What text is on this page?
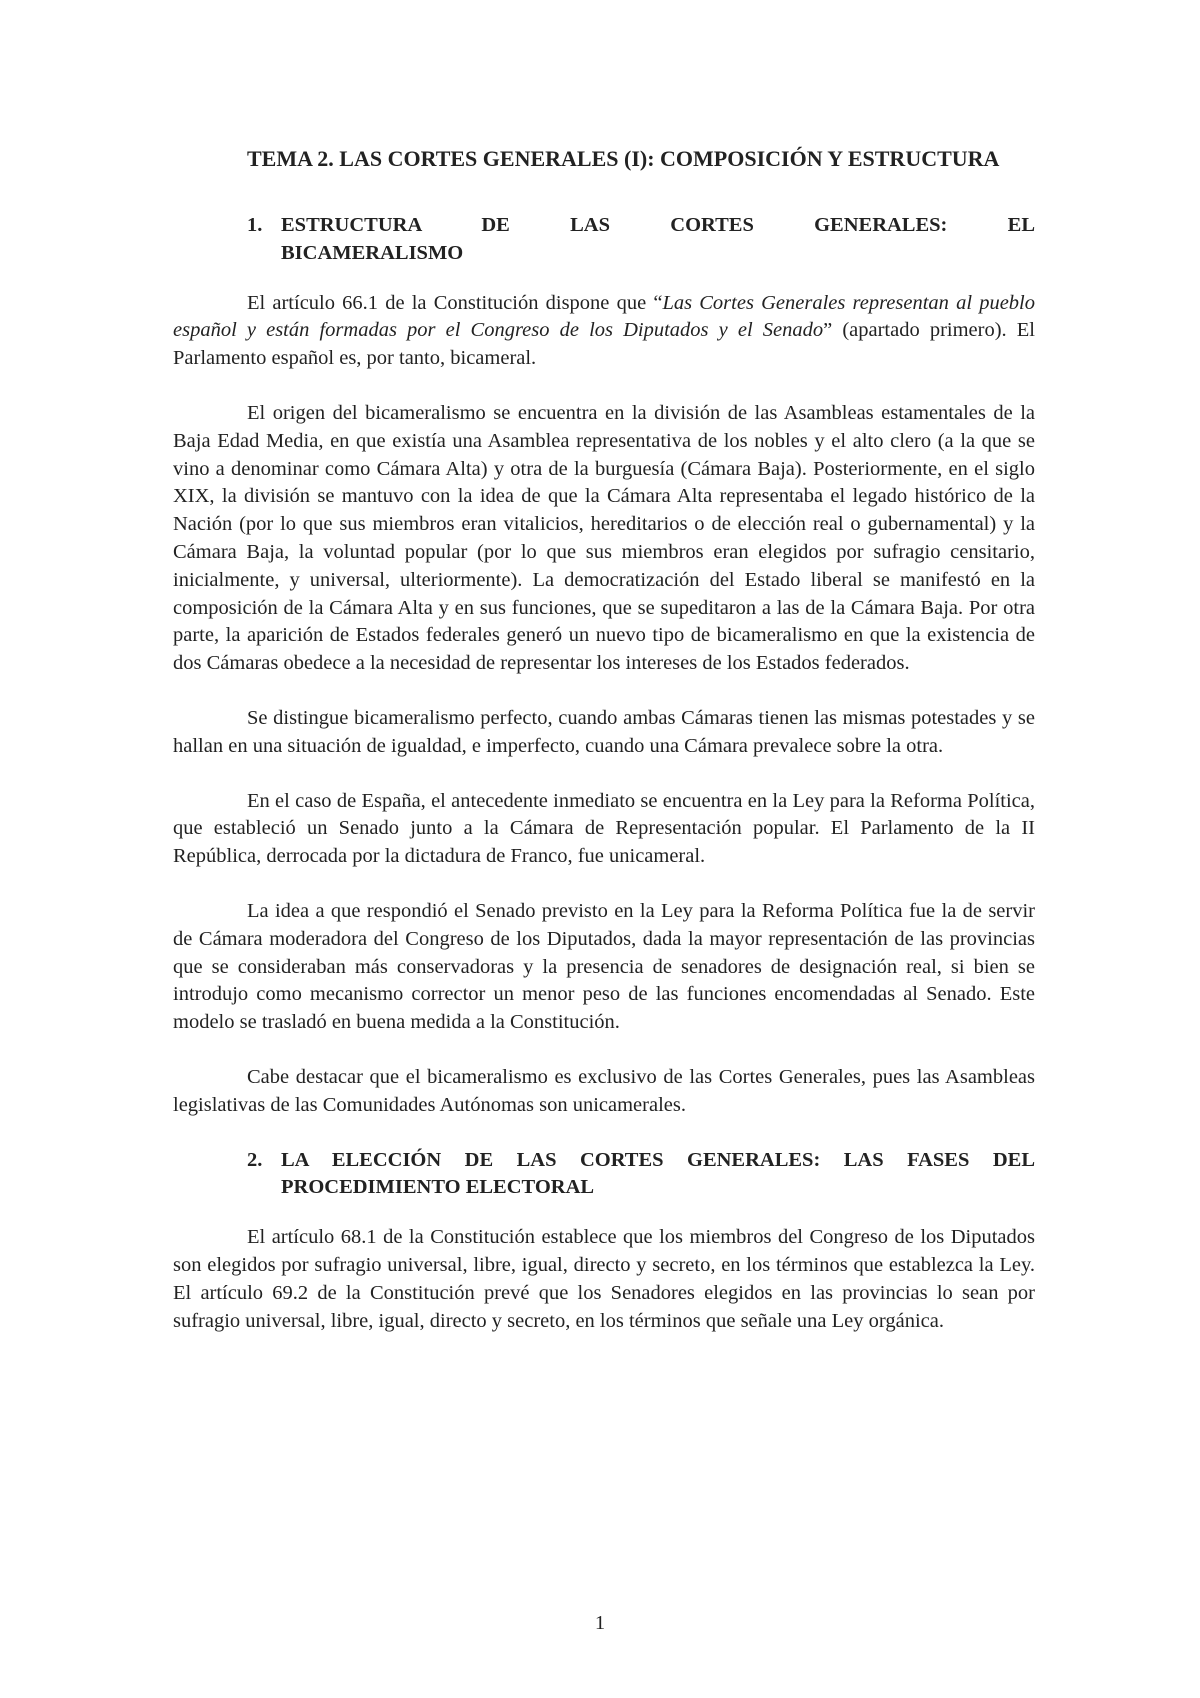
TEMA 2. LAS CORTES GENERALES (I): COMPOSICIÓN Y ESTRUCTURA
1. ESTRUCTURA DE LAS CORTES GENERALES: EL
BICAMERALISMO

El artículo 66.1 de la Constitución dispone que “Las Cortes Generales representan al pueblo español y están formadas por el Congreso de los Diputados y el Senado” (apartado primero). El Parlamento español es, por tanto, bicameral.

El origen del bicameralismo se encuentra en la división de las Asambleas estamentales de la Baja Edad Media, en que existía una Asamblea representativa de los nobles y el alto clero (a la que se vino a denominar como Cámara Alta) y otra de la burguesía (Cámara Baja). Posteriormente, en el siglo XIX, la división se mantuvo con la idea de que la Cámara Alta representaba el legado histórico de la Nación (por lo que sus miembros eran vitalicios, hereditarios o de elección real o gubernamental) y la Cámara Baja, la voluntad popular (por lo que sus miembros eran elegidos por sufragio censitario, inicialmente, y universal, ulteriormente). La democratización del Estado liberal se manifestó en la composición de la Cámara Alta y en sus funciones, que se supeditaron a las de la Cámara Baja. Por otra parte, la aparición de Estados federales generó un nuevo tipo de bicameralismo en que la existencia de dos Cámaras obedece a la necesidad de representar los intereses de los Estados federados.

Se distingue bicameralismo perfecto, cuando ambas Cámaras tienen las mismas potestades y se hallan en una situación de igualdad, e imperfecto, cuando una Cámara prevalece sobre la otra.

En el caso de España, el antecedente inmediato se encuentra en la Ley para la Reforma Política, que estableció un Senado junto a la Cámara de Representación popular. El Parlamento de la II República, derrocada por la dictadura de Franco, fue unicameral.

La idea a que respondió el Senado previsto en la Ley para la Reforma Política fue la de servir de Cámara moderadora del Congreso de los Diputados, dada la mayor representación de las provincias que se consideraban más conservadoras y la presencia de senadores de designación real, si bien se introdujo como mecanismo corrector un menor peso de las funciones encomendadas al Senado. Este modelo se trasladó en buena medida a la Constitución.

Cabe destacar que el bicameralismo es exclusivo de las Cortes Generales, pues las Asambleas legislativas de las Comunidades Autónomas son unicamerales.

2. LA ELECCIÓN DE LAS CORTES GENERALES: LAS FASES DEL
PROCEDIMIENTO ELECTORAL

El artículo 68.1 de la Constitución establece que los miembros del Congreso de los Diputados son elegidos por sufragio universal, libre, igual, directo y secreto, en los términos que establezca la Ley. El artículo 69.2 de la Constitución prevé que los Senadores elegidos en las provincias lo sean por sufragio universal, libre, igual, directo y secreto, en los términos que señale una Ley orgánica.

1
